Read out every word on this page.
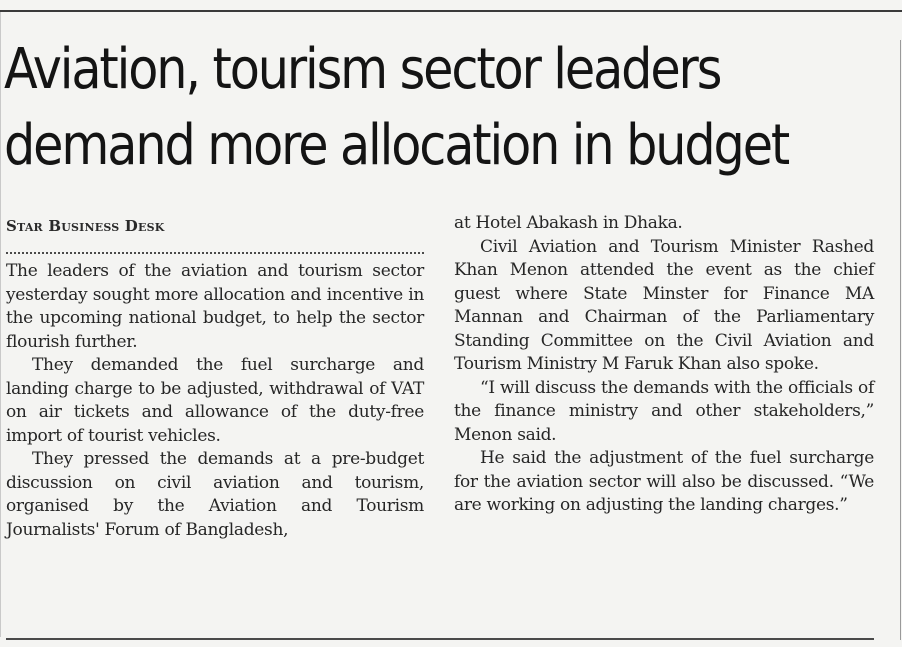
Aviation, tourism sector leaders
demand more allocation in budget
Star Business Desk

The leaders of the aviation and tourism sector yesterday sought more allocation and incentive in the upcoming national budget, to help the sector flourish further.

They demanded the fuel surcharge and landing charge to be adjusted, withdrawal of VAT on air tickets and allowance of the duty-free import of tourist vehicles.

They pressed the demands at a pre-budget discussion on civil aviation and tourism, organised by the Aviation and Tourism Journalists' Forum of Bangladesh,

at Hotel Abakash in Dhaka.

Civil Aviation and Tourism Minister Rashed Khan Menon attended the event as the chief guest where State Minster for Finance MA Mannan and Chairman of the Parliamentary Standing Committee on the Civil Aviation and Tourism Ministry M Faruk Khan also spoke.

“I will discuss the demands with the officials of the finance ministry and other stakeholders,” Menon said.

He said the adjustment of the fuel surcharge for the aviation sector will also be discussed. “We are working on adjusting the landing charges.”
